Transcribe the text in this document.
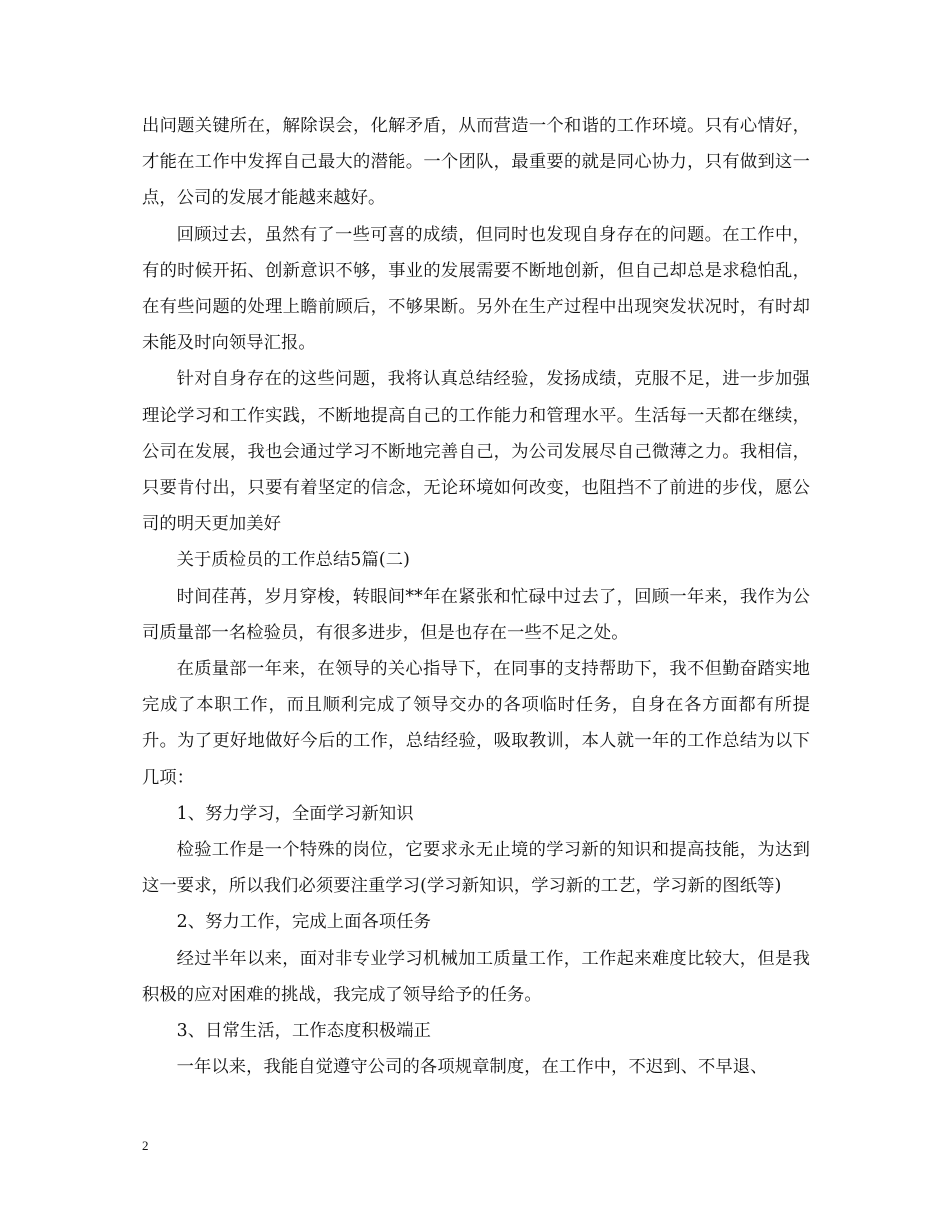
出问题关键所在，解除误会，化解矛盾，从而营造一个和谐的工作环境。只有心情好，才能在工作中发挥自己最大的潜能。一个团队，最重要的就是同心协力，只有做到这一点，公司的发展才能越来越好。

回顾过去，虽然有了一些可喜的成绩，但同时也发现自身存在的问题。在工作中，有的时候开拓、创新意识不够，事业的发展需要不断地创新，但自己却总是求稳怕乱，在有些问题的处理上瞻前顾后，不够果断。另外在生产过程中出现突发状况时，有时却未能及时向领导汇报。

针对自身存在的这些问题，我将认真总结经验，发扬成绩，克服不足，进一步加强理论学习和工作实践，不断地提高自己的工作能力和管理水平。生活每一天都在继续，公司在发展，我也会通过学习不断地完善自己，为公司发展尽自己微薄之力。我相信，只要肯付出，只要有着坚定的信念，无论环境如何改变，也阻挡不了前进的步伐，愿公司的明天更加美好

关于质检员的工作总结5篇(二)

时间荏苒，岁月穿梭，转眼间**年在紧张和忙碌中过去了，回顾一年来，我作为公司质量部一名检验员，有很多进步，但是也存在一些不足之处。

在质量部一年来，在领导的关心指导下，在同事的支持帮助下，我不但勤奋踏实地完成了本职工作，而且顺利完成了领导交办的各项临时任务，自身在各方面都有所提升。为了更好地做好今后的工作，总结经验，吸取教训，本人就一年的工作总结为以下几项：

1、努力学习，全面学习新知识

检验工作是一个特殊的岗位，它要求永无止境的学习新的知识和提高技能，为达到这一要求，所以我们必须要注重学习(学习新知识，学习新的工艺，学习新的图纸等)

2、努力工作，完成上面各项任务

经过半年以来，面对非专业学习机械加工质量工作，工作起来难度比较大，但是我积极的应对困难的挑战，我完成了领导给予的任务。

3、日常生活，工作态度积极端正

一年以来，我能自觉遵守公司的各项规章制度，在工作中，不迟到、不早退、

2
